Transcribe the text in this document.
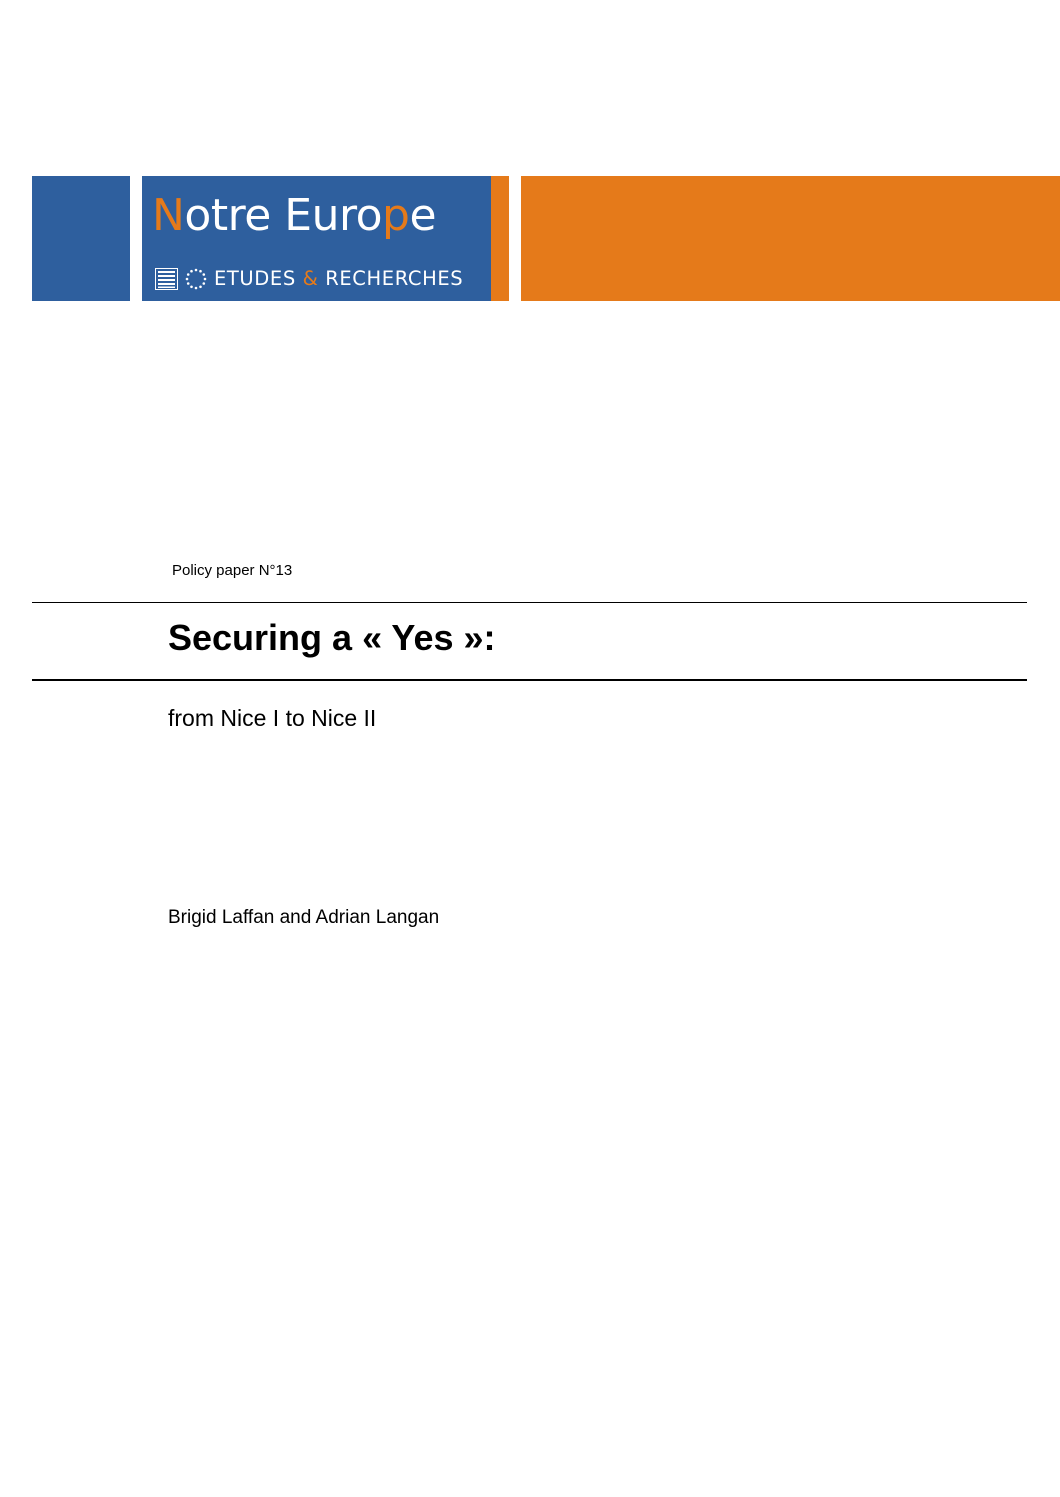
Notre Europe
ETUDES & RECHERCHES
Policy paper N°13
Securing a « Yes »:
from Nice I to Nice II
Brigid Laffan and Adrian Langan
